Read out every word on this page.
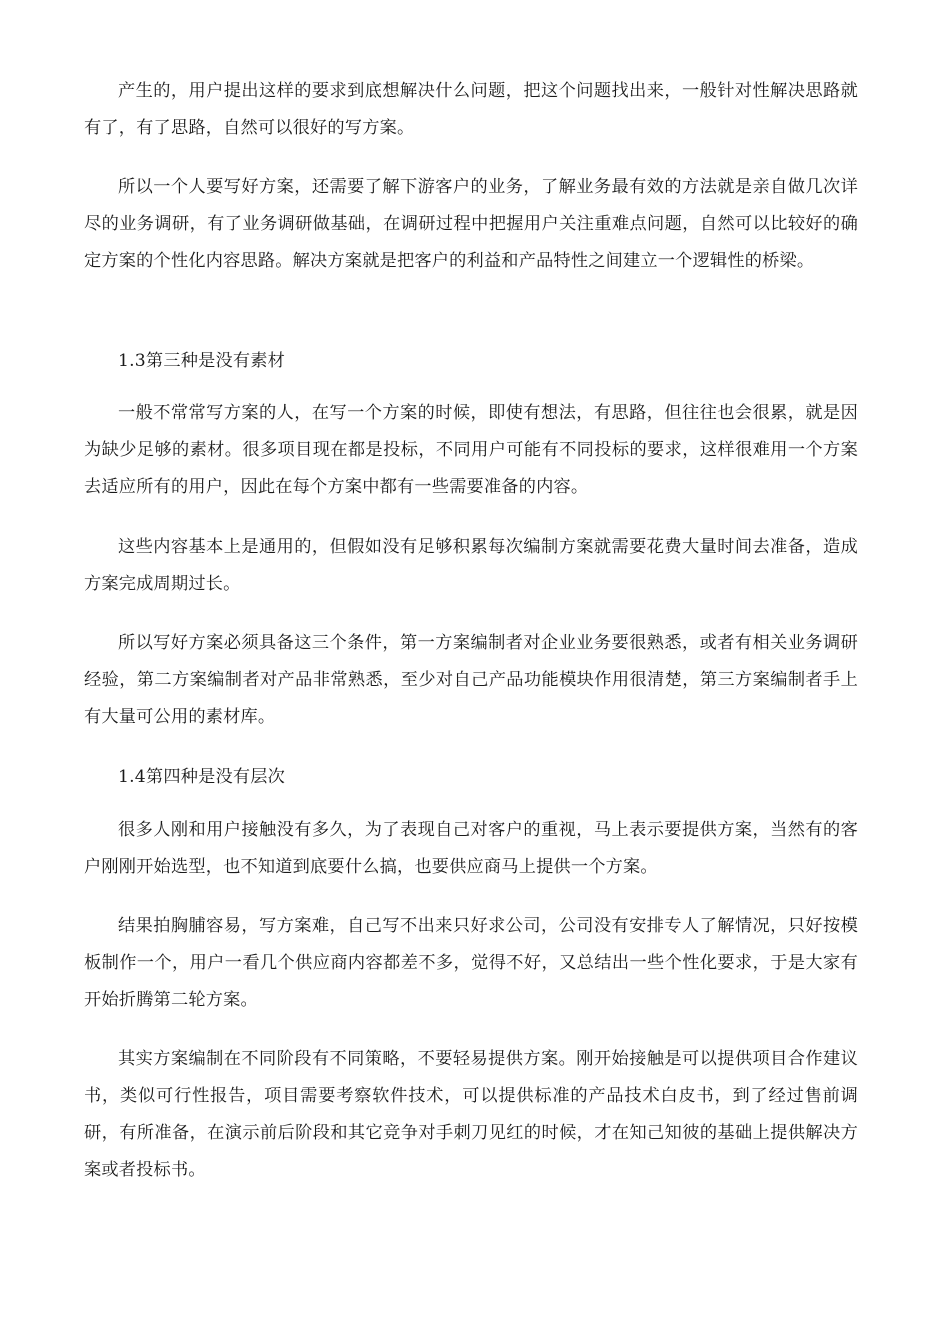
产生的，用户提出这样的要求到底想解决什么问题，把这个问题找出来，一般针对性解决思路就有了，有了思路，自然可以很好的写方案。

所以一个人要写好方案，还需要了解下游客户的业务，了解业务最有效的方法就是亲自做几次详尽的业务调研，有了业务调研做基础，在调研过程中把握用户关注重难点问题，自然可以比较好的确定方案的个性化内容思路。解决方案就是把客户的利益和产品特性之间建立一个逻辑性的桥梁。

1.3第三种是没有素材

一般不常常写方案的人，在写一个方案的时候，即使有想法，有思路，但往往也会很累，就是因为缺少足够的素材。很多项目现在都是投标，不同用户可能有不同投标的要求，这样很难用一个方案去适应所有的用户，因此在每个方案中都有一些需要准备的内容。

这些内容基本上是通用的，但假如没有足够积累每次编制方案就需要花费大量时间去准备，造成方案完成周期过长。

所以写好方案必须具备这三个条件，第一方案编制者对企业业务要很熟悉，或者有相关业务调研经验，第二方案编制者对产品非常熟悉，至少对自己产品功能模块作用很清楚，第三方案编制者手上有大量可公用的素材库。

1.4第四种是没有层次

很多人刚和用户接触没有多久，为了表现自己对客户的重视，马上表示要提供方案，当然有的客户刚刚开始选型，也不知道到底要什么搞，也要供应商马上提供一个方案。

结果拍胸脯容易，写方案难，自己写不出来只好求公司，公司没有安排专人了解情况，只好按模板制作一个，用户一看几个供应商内容都差不多，觉得不好，又总结出一些个性化要求，于是大家有开始折腾第二轮方案。

其实方案编制在不同阶段有不同策略，不要轻易提供方案。刚开始接触是可以提供项目合作建议书，类似可行性报告，项目需要考察软件技术，可以提供标准的产品技术白皮书，到了经过售前调研，有所准备，在演示前后阶段和其它竞争对手刺刀见红的时候，才在知己知彼的基础上提供解决方案或者投标书。
